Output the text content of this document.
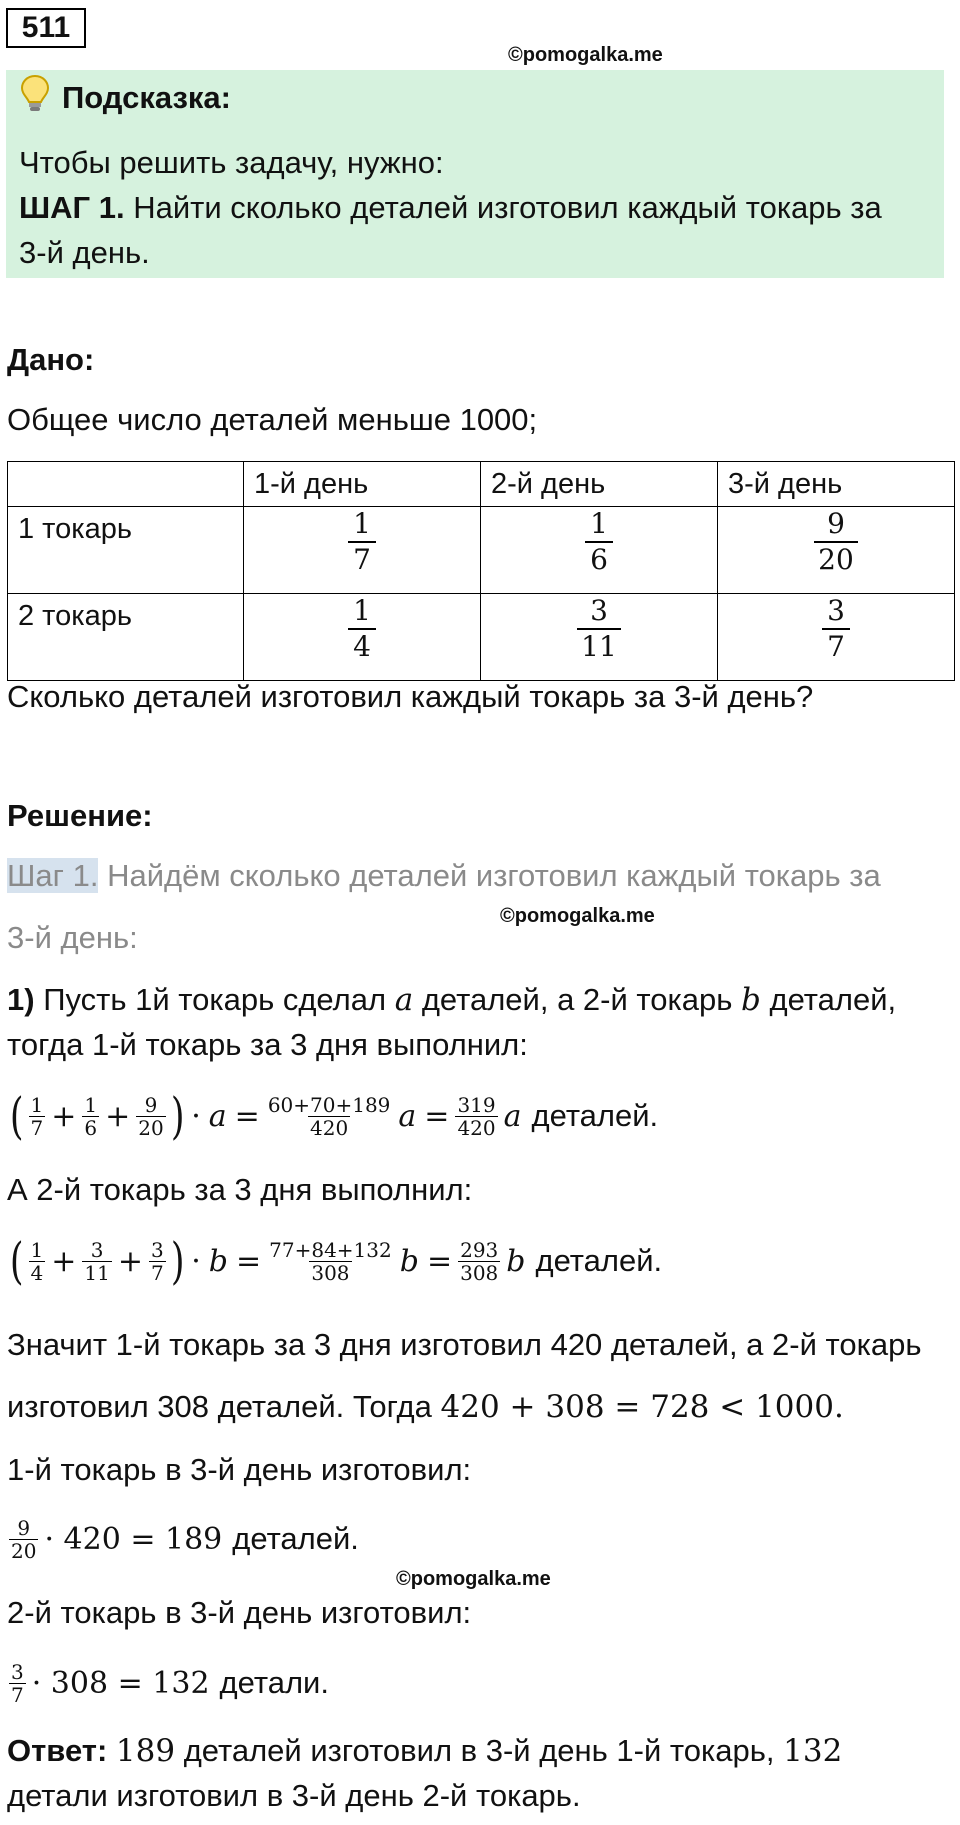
511
©pomogalka.me
Подсказка:
Чтобы решить задачу, нужно:
ШАГ 1. Найти сколько деталей изготовил каждый токарь за
3-й день.
Дано:
Общее число деталей меньше 1000;
	1-й день	2-й день	3-й день
1 токарь	$\frac{1}{7}$	$\frac{1}{6}$	$\frac{9}{20}$

2 токарь	$\frac{1}{4}$	$\frac{3}{11}$	$\frac{3}{7}$
Сколько деталей изготовил каждый токарь за 3-й день?
Решение:
Шаг 1. Найдём сколько деталей изготовил каждый токарь за
©pomogalka.me
3-й день:
1) Пусть 1й токарь сделал a деталей, а 2-й токарь b деталей,
тогда 1-й токарь за 3 дня выполнил:
( $\frac{1}{7} + \frac{1}{6} + \frac{9}{20}$ ) · $a = \frac{60+70+189}{420}$ $a = \frac{319}{420}$ a деталей.
А 2-й токарь за 3 дня выполнил:
( $\frac{1}{4} + \frac{3}{11} + \frac{3}{7}$ ) · $b = \frac{77+84+132}{308}$ $b = \frac{293}{308}$ b деталей.
Значит 1-й токарь за 3 дня изготовил 420 деталей, а 2-й токарь
изготовил 308 деталей. Тогда 420 + 308 = 728 < 1000.
1-й токарь в 3-й день изготовил:
$\frac{9}{20} \cdot 420 = 189$ деталей.
©pomogalka.me
2-й токарь в 3-й день изготовил:
$\frac{3}{7} \cdot 308 = 132$ детали.
Ответ: 189 деталей изготовил в 3-й день 1-й токарь, 132
детали изготовил в 3-й день 2-й токарь.
